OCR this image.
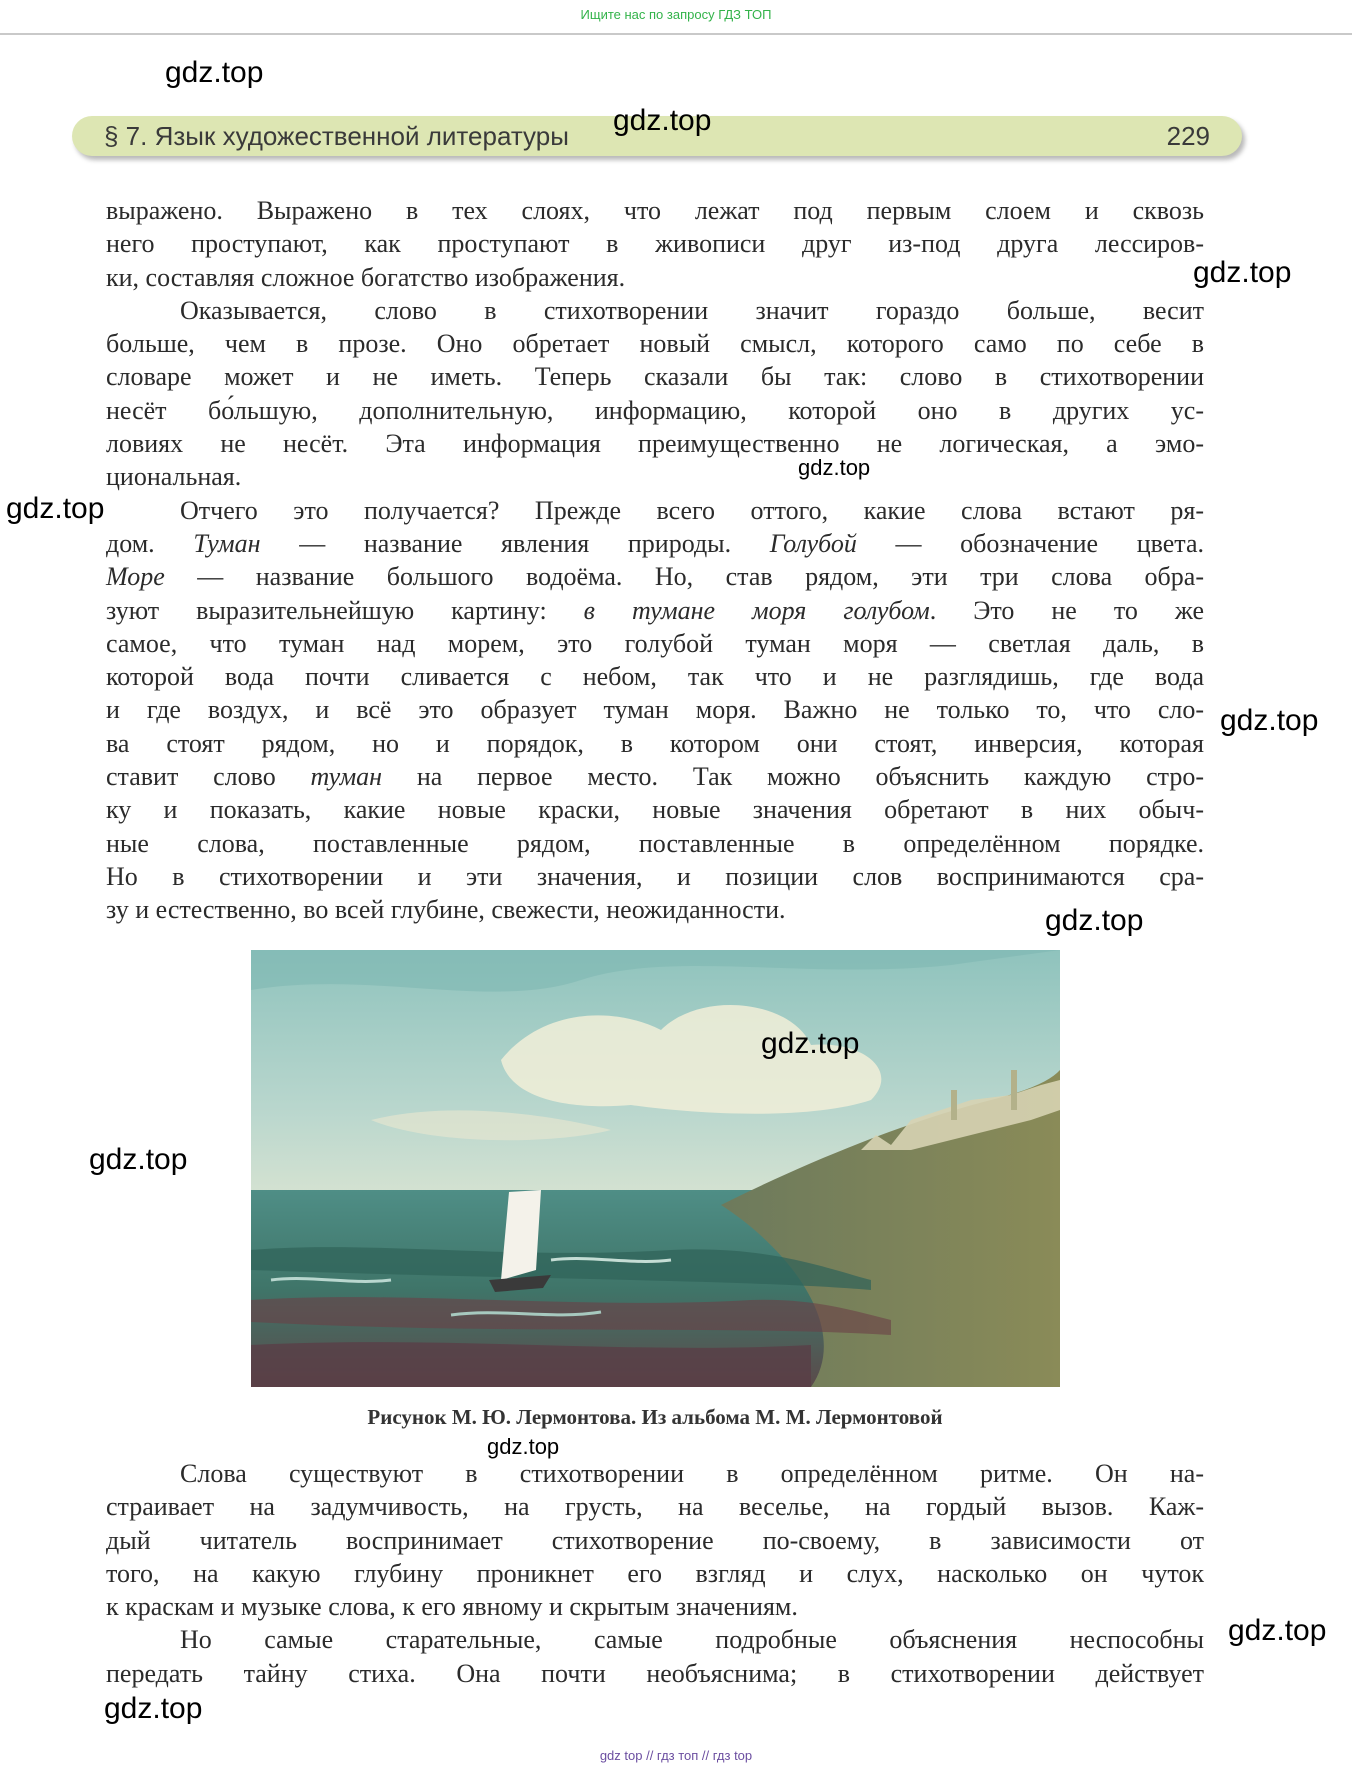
Ищите нас по запросу ГДЗ ТОП
§ 7. Язык художественной литературы	229
выражено. Выражено в тех слоях, что лежат под первым слоем и сквозь
него проступают, как проступают в живописи друг из-под друга лессиров-
ки, составляя сложное богатство изображения.
Оказывается, слово в стихотворении значит гораздо больше, весит
больше, чем в прозе. Оно обретает новый смысл, которого само по себе в
словаре может и не иметь. Теперь сказали бы так: слово в стихотворении
несёт бо́льшую, дополнительную, информацию, которой оно в других ус-
ловиях не несёт. Эта информация преимущественно не логическая, а эмо-
циональная.
Отчего это получается? Прежде всего оттого, какие слова встают ря-
дом. Туман — название явления природы. Голубой — обозначение цвета.
Море — название большого водоёма. Но, став рядом, эти три слова обра-
зуют выразительнейшую картину: в тумане моря голубом. Это не то же
самое, что туман над морем, это голубой туман моря — светлая даль, в
которой вода почти сливается с небом, так что и не разглядишь, где вода
и где воздух, и всё это образует туман моря. Важно не только то, что сло-
ва стоят рядом, но и порядок, в котором они стоят, инверсия, которая
ставит слово туман на первое место. Так можно объяснить каждую стро-
ку и показать, какие новые краски, новые значения обретают в них обыч-
ные слова, поставленные рядом, поставленные в определённом порядке.
Но в стихотворении и эти значения, и позиции слов воспринимаются сра-
зу и естественно, во всей глубине, свежести, неожиданности.
Рисунок М. Ю. Лермонтова. Из альбома М. М. Лермонтовой
Слова существуют в стихотворении в определённом ритме. Он на-
страивает на задумчивость, на грусть, на веселье, на гордый вызов. Каж-
дый читатель воспринимает стихотворение по-своему, в зависимости от
того, на какую глубину проникнет его взгляд и слух, насколько он чуток
к краскам и музыке слова, к его явному и скрытым значениям.
Но самые старательные, самые подробные объяснения неспособны
передать тайну стиха. Она почти необъяснима; в стихотворении действует
gdz.top
gdz.top
gdz.top
gdz.top
gdz.top
gdz.top
gdz.top
gdz.top
gdz.top
gdz.top
gdz.top
gdz.top
gdz top // гдз топ // гдз top
